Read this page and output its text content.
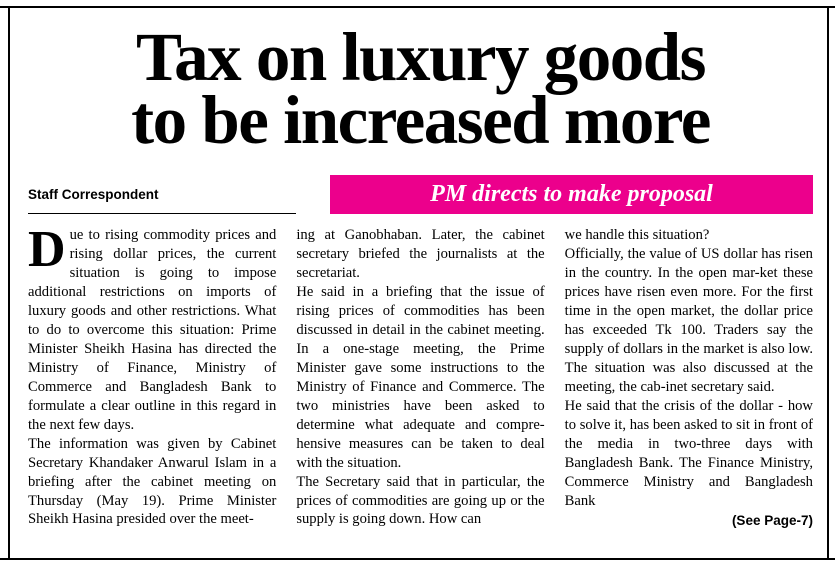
Tax on luxury goods
to be increased more
Staff Correspondent	PM directs to make proposal

Due to rising commodity prices and rising dollar prices, the current situation is going to impose additional restrictions on imports of luxury goods and other restrictions. What to do to overcome this situation: Prime Minister Sheikh Hasina has directed the Ministry of Finance, Ministry of Commerce and Bangladesh Bank to formulate a clear outline in this regard in the next few days.

The information was given by Cabinet Secretary Khandaker Anwarul Islam in a briefing after the cabinet meeting on Thursday (May 19). Prime Minister Sheikh Hasina presided over the meet-

ing at Ganobhaban. Later, the cabinet secretary briefed the journalists at the secretariat.

He said in a briefing that the issue of rising prices of commodities has been discussed in detail in the cabinet meeting. In a one-stage meeting, the Prime Minister gave some instructions to the Ministry of Finance and Commerce. The two ministries have been asked to determine what adequate and compre-hensive measures can be taken to deal with the situation.

The Secretary said that in particular, the prices of commodities are going up or the supply is going down. How can

we handle this situation?

Officially, the value of US dollar has risen in the country. In the open mar-ket these prices have risen even more. For the first time in the open market, the dollar price has exceeded Tk 100. Traders say the supply of dollars in the market is also low. The situation was also discussed at the meeting, the cab-inet secretary said.

He said that the crisis of the dollar - how to solve it, has been asked to sit in front of the media in two-three days with Bangladesh Bank. The Finance Ministry, Commerce Ministry and Bangladesh Bank

(See Page-7)
